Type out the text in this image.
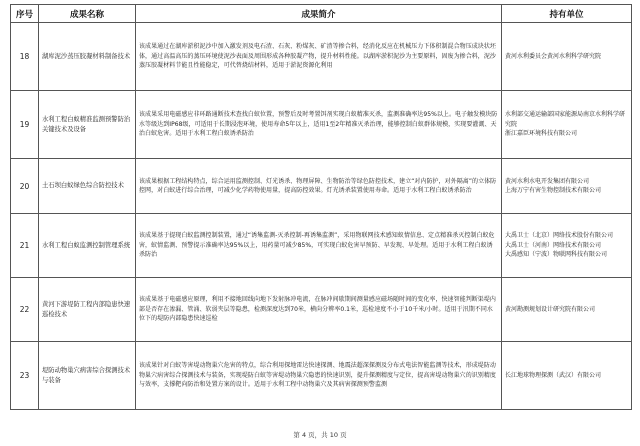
序号	成果名称	成果简介	持有单位
18	湖库泥沙蒸压胶凝材料制备技术	该成果通过在湖库淤积泥沙中加入激发剂及电石渣、石灰、粉煤灰、矿渣等掺合料，经消化反应在机械压力下体积制混合物压成块状坯体，通过高温高压的蒸压环境使泥沙表面及周围形成各种胶凝产物，提升材料性能。以湖库淤积泥沙为主要原料，固废为掺合料，泥沙蒸压胶凝材料节能且性能稳定，可代替烧结材料，适用于淤泥资源化利用	黄河水利委员会黄河水利科学研究院

19	水利工程白蚁精准监测预警防治关键技术及设备	该成果采用电磁感应非环路通断技术查找白蚁位置，预警后及时考置饵剂实现白蚁精准灭杀，监测准确率达95%以上。电子触发模块防水等级达到IP68级，可适用于长期浸泡环境，使用寿命5年以上，适用1至2年精准灭杀治理，能够控制白蚁群体规模，实现要灌溉、天治白蚁危害。适用于水利工程白蚁诱杀防治	水利部交通运输部国家能源局南京水利科学研究院
浙江嘉臣环境科技有限公司

20	土石坝白蚁绿色综合防控技术	该成果根据工程结构特点，综合运用监测控制、灯光诱杀、物理屏障、生物防治等绿色防控技术，建立“对内防护，对外隔离”的立体防控网，对白蚁进行综合治理，可减少化学药物使用量，提高防控效果。灯光诱杀装置使用寿命。适用于水利工程白蚁诱杀防治	黄河水利水电开发集团有限公司
上海万宁有害生物控制技术有限公司

21	水利工程白蚁监测控制管理系统	该成果基于提现白蚁监测控制装置，通过“诱集监测-灭杀控制-再诱集监测”，采用物联网技术感知蚁情信息、定点精准杀灭控制白蚁危害，蚁情监测、预警提示准确率达95%以上，用药量可减少85%，可实现白蚁危害早预防、早发现、早处理。适用于水利工程白蚁诱杀防治	大禹卫士（北京）网络技术股份有限公司
大禹卫士（河南）网络技术有限公司
大禹感知（宁波）物联网科技有限公司

22	黄河下游堤防工程内部隐患快速巡检技术	该成果基于电磁感应原理，利用不接地回线向地下发射脉冲电流，在脉冲间歇期间测量感应磁场随时间的变化率，快速智能判断渠堤内部是否存在渗漏、管涌、软弱夹层等隐患，检测深度达到70米，横向分辨率0.1米，巡检速度不小于10千米/小时。适用于汛期不同水位下的堤防内部隐患快速巡检	黄河勘测规划设计研究院有限公司

23	堤防动物巢穴病害综合探测技术与装备	该成果针对白蚁等害堤动物巢穴危害的特点，综合利用探地雷达快速探测、地震法超深探测及分布式电法智能监测等技术，形成堤防动物巢穴病害综合探测技术与装备，实现堤防白蚁等害堤动物巢穴隐患的快速识别，提升探测精度与定位，提高害堤动物巢穴的识别精度与效率，支撑靶向防治和处置方案的设计。适用于水利工程中动物巢穴及其病害探测预警监测	长江地球物理探测（武汉）有限公司
第 4 页，共 10 页
